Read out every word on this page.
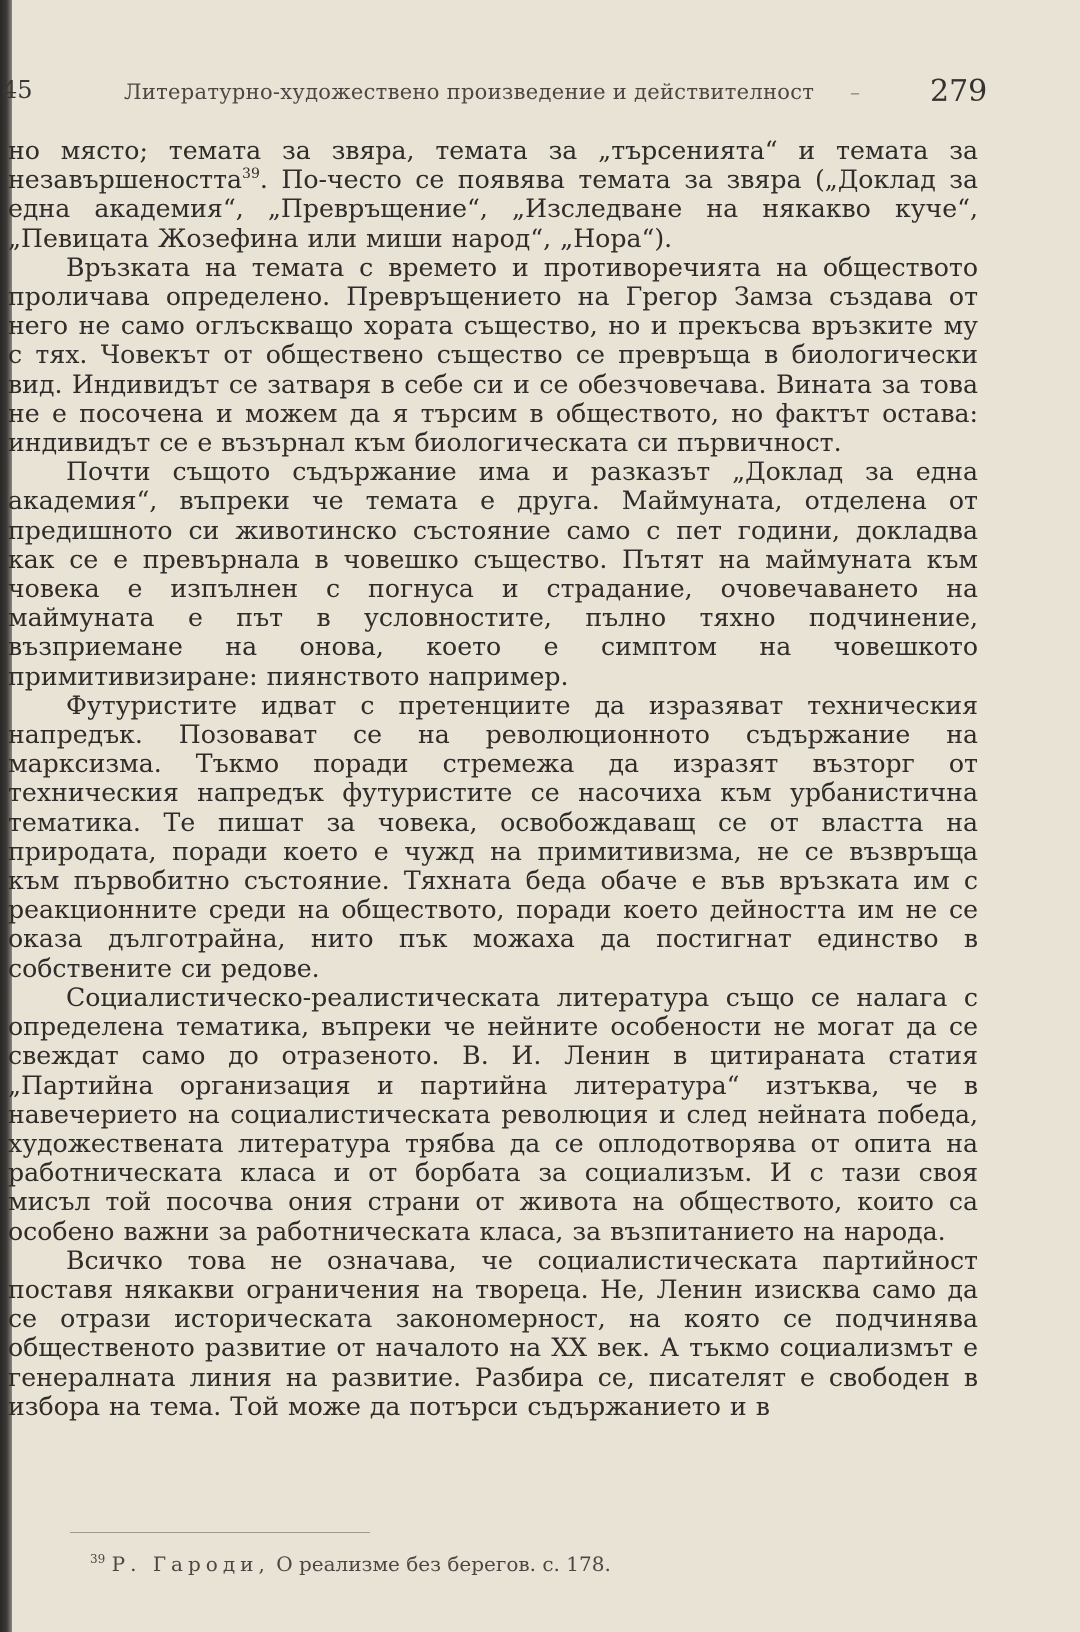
45	Литературно-художествено произведение и действителност – 279

но място; темата за звяра, темата за „търсенията“ и темата за незавършеността$^{39}$. По-често се появява темата за звяра („Доклад за една академия“, „Превръщение“, „Изследване на някакво куче“, „Певицата Жозефина или миши народ“, „Нора“).

Връзката на темата с времето и противоречията на обществото проличава определено. Превръщението на Грегор Замза създава от него не само оглъскващо хората същество, но и прекъсва връзките му с тях. Човекът от обществено същество се превръща в биологически вид. Индивидът се затваря в себе си и се обезчовечава. Вината за това не е посочена и можем да я търсим в обществото, но фактът остава: индивидът се е възърнал към биологическата си първичност.

Почти същото съдържание има и разказът „Доклад за една академия“, въпреки че темата е друга. Маймуната, отделена от предишното си животинско състояние само с пет години, докладва как се е превърнала в човешко същество. Пътят на маймуната към човека е изпълнен с погнуса и страдание, очовечаването на маймуната е път в условностите, пълно тяхно подчинение, възприемане на онова, което е симптом на човешкото примитивизиране: пиянството например.

Футуристите идват с претенциите да изразяват техническия напредък. Позовават се на революционното съдържание на марксизма. Тъкмо поради стремежа да изразят възторг от техническия напредък футуристите се насочиха към урбанистична тематика. Те пишат за човека, освобождаващ се от властта на природата, поради което е чужд на примитивизма, не се възвръща към първобитно състояние. Тяхната беда обаче е във връзката им с реакционните среди на обществото, поради което дейността им не се оказа дълготрайна, нито пък можаха да постигнат единство в собствените си редове.

Социалистическо-реалистическата литература също се налага с определена тематика, въпреки че нейните особености не могат да се свеждат само до отразеното. В. И. Ленин в цитираната статия „Партийна организация и партийна литература“ изтъква, че в навечерието на социалистическата революция и след нейната победа, художествената литература трябва да се оплодотворява от опита на работническата класа и от борбата за социализъм. И с тази своя мисъл той посочва ония страни от живота на обществото, които са особено важни за работническата класа, за възпитанието на народа.

Всичко това не означава, че социалистическата партийност поставя някакви ограничения на твореца. Не, Ленин изисква само да се отрази историческата закономерност, на която се подчинява общественото развитие от началото на XX век. А тъкмо социализмът е генералната линия на развитие. Разбира се, писателят е свободен в избора на тема. Той може да потърси съдържанието и в

$^{39}$ Р. Гароди, О реализме без берегов. с. 178.
